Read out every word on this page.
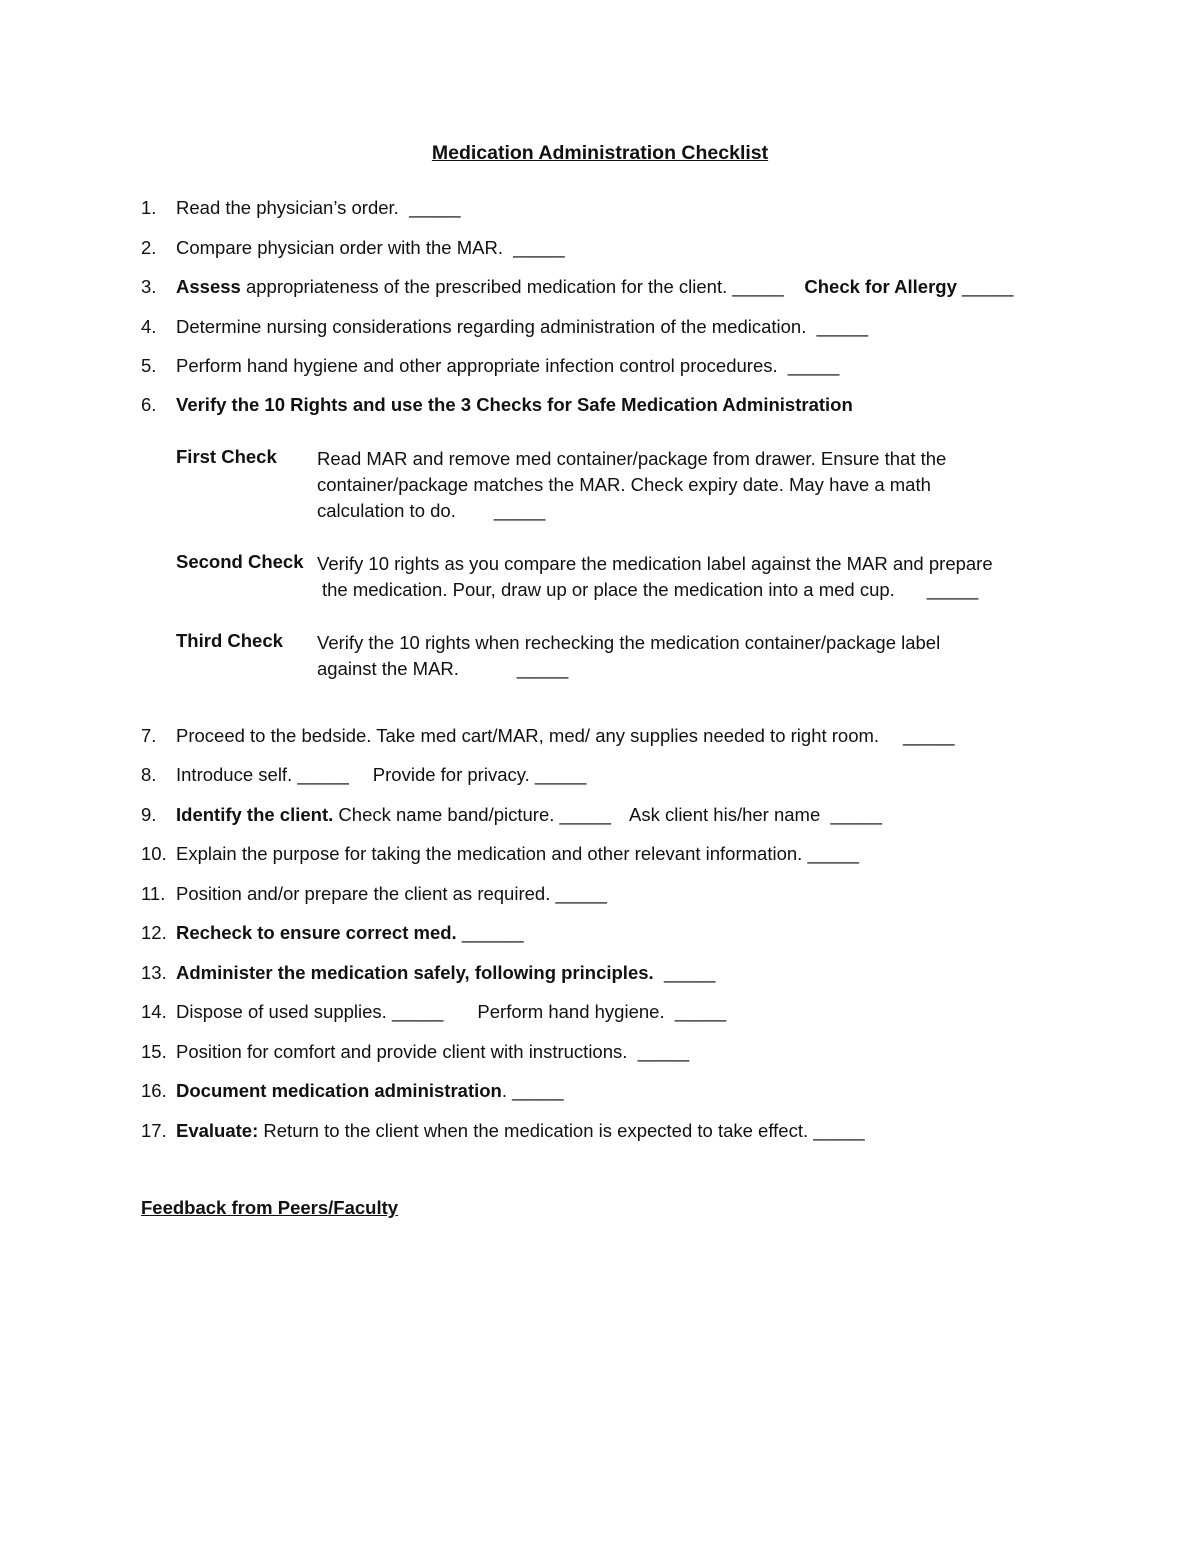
Medication Administration Checklist
1. Read the physician’s order. _____
2. Compare physician order with the MAR. _____
3. Assess appropriateness of the prescribed medication for the client. _____ Check for Allergy _____
4. Determine nursing considerations regarding administration of the medication. _____
5. Perform hand hygiene and other appropriate infection control procedures. _____
6. Verify the 10 Rights and use the 3 Checks for Safe Medication Administration
First Check Read MAR and remove med container/package from drawer. Ensure that the
container/package matches the MAR. Check expiry date. May have a math
calculation to do. _____
Second Check Verify 10 rights as you compare the medication label against the MAR and prepare
the medication. Pour, draw up or place the medication into a med cup. _____
Third Check Verify the 10 rights when rechecking the medication container/package label
against the MAR.	_____
7. Proceed to the bedside. Take med cart/MAR, med/ any supplies needed to right room. _____
8. Introduce self. _____ Provide for privacy. _____
9. Identify the client. Check name band/picture. _____ Ask client his/her name _____
10. Explain the purpose for taking the medication and other relevant information. _____
11. Position and/or prepare the client as required. _____
12. Recheck to ensure correct med. ______
13. Administer the medication safely, following principles. _____
14. Dispose of used supplies. _____ Perform hand hygiene. _____
15. Position for comfort and provide client with instructions. _____
16. Document medication administration. _____
17. Evaluate: Return to the client when the medication is expected to take effect. _____
Feedback from Peers/Faculty
